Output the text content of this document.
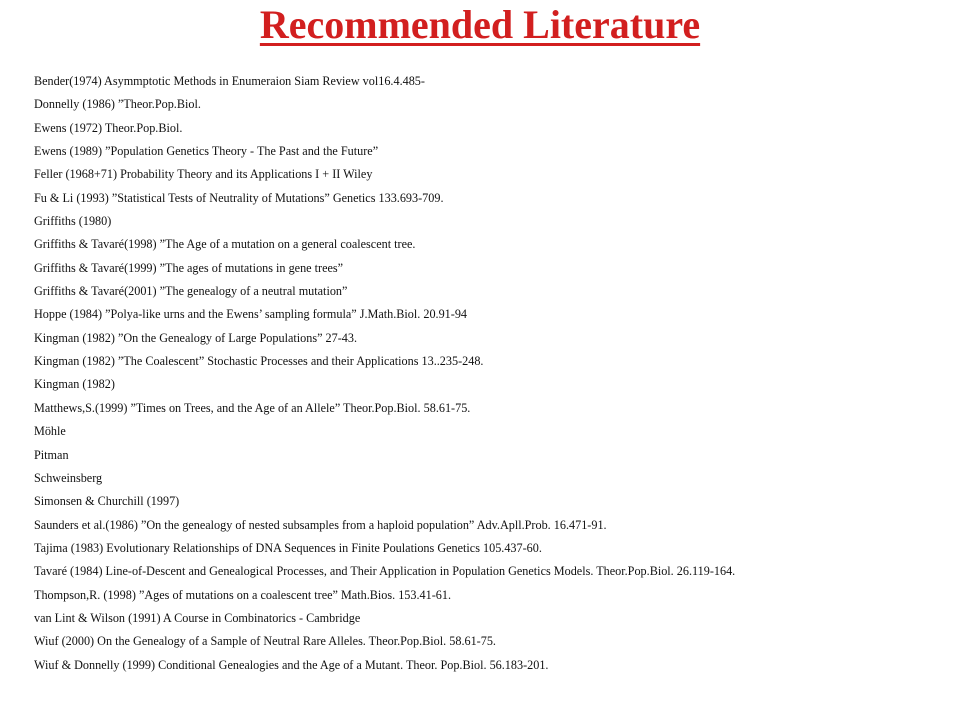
Recommended Literature
Bender(1974) Asymmptotic Methods in Enumeraion Siam Review vol16.4.485-
Donnelly (1986) ”Theor.Pop.Biol.
Ewens (1972) Theor.Pop.Biol.
Ewens (1989) ”Population Genetics Theory - The Past and the Future”
Feller (1968+71) Probability Theory and its Applications I + II Wiley
Fu & Li (1993) ”Statistical Tests of Neutrality of Mutations” Genetics 133.693-709.
Griffiths (1980)
Griffiths & Tavaré(1998) ”The Age of a mutation on a general coalescent tree.
Griffiths & Tavaré(1999) ”The ages of mutations in gene trees”
Griffiths & Tavaré(2001) ”The genealogy of a neutral mutation”
Hoppe (1984) ”Polya-like urns and the Ewens’ sampling formula” J.Math.Biol. 20.91-94
Kingman (1982) ”On the Genealogy of Large Populations” 27-43.
Kingman (1982) ”The Coalescent” Stochastic Processes and their Applications 13..235-248.
Kingman (1982)
Matthews,S.(1999) ”Times on Trees, and the Age of an Allele” Theor.Pop.Biol. 58.61-75.
Möhle
Pitman
Schweinsberg
Simonsen & Churchill (1997)
Saunders et al.(1986) ”On the genealogy of nested subsamples from a haploid population” Adv.Apll.Prob. 16.471-91.
Tajima (1983) Evolutionary Relationships of DNA Sequences in Finite Poulations Genetics 105.437-60.
Tavaré (1984) Line-of-Descent and Genealogical Processes, and Their Application in Population Genetics Models. Theor.Pop.Biol. 26.119-164.
Thompson,R. (1998) ”Ages of mutations on a coalescent tree” Math.Bios. 153.41-61.
van Lint & Wilson (1991) A Course in Combinatorics - Cambridge
Wiuf (2000) On the Genealogy of a Sample of Neutral Rare Alleles. Theor.Pop.Biol. 58.61-75.
Wiuf & Donnelly (1999) Conditional Genealogies and the Age of a Mutant. Theor. Pop.Biol. 56.183-201.
